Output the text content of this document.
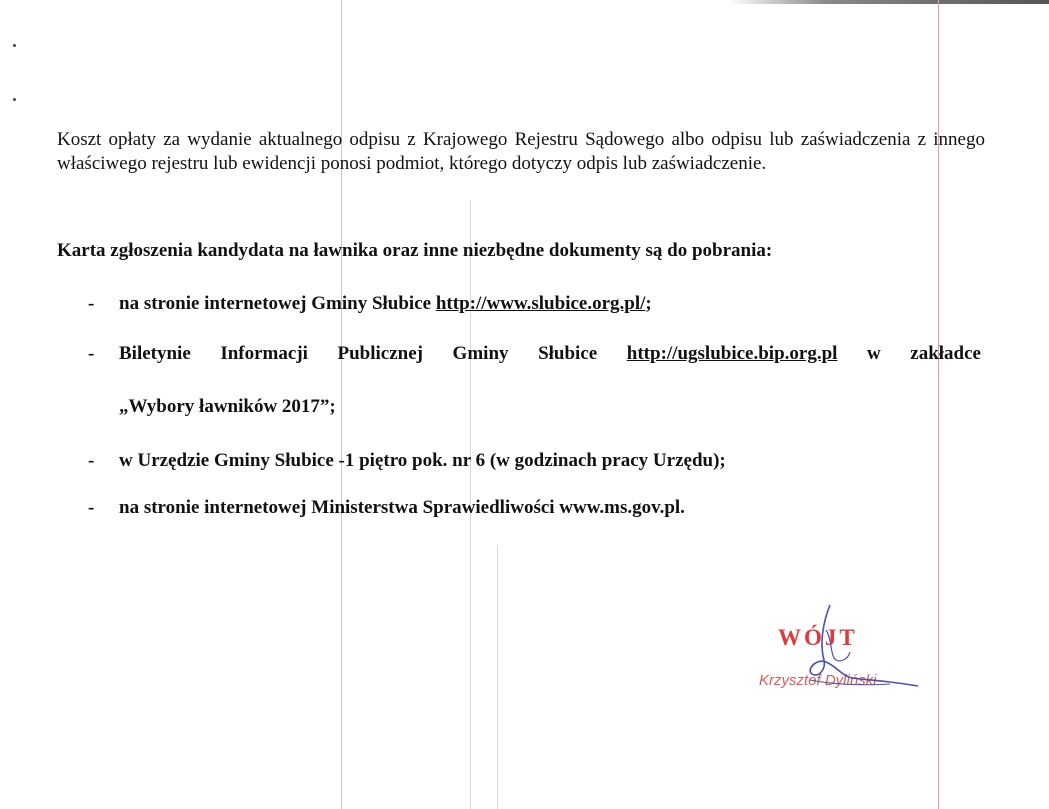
Koszt opłaty za wydanie aktualnego odpisu z Krajowego Rejestru Sądowego albo odpisu lub zaświadczenia z innego właściwego rejestru lub ewidencji ponosi podmiot, którego dotyczy odpis lub zaświadczenie.

Karta zgłoszenia kandydata na ławnika oraz inne niezbędne dokumenty są do pobrania:

- na stronie internetowej Gminy Słubice http://www.slubice.org.pl/;
- Biletynie Informacji Publicznej Gminy Słubice http://ugslubice.bip.org.pl w zakładce
„Wybory ławników 2017”;
- w Urzędzie Gminy Słubice -1 piętro pok. nr 6 (w godzinach pracy Urzędu);
- na stronie internetowej Ministerstwa Sprawiedliwości www.ms.gov.pl.
WÓJT
Krzysztof Dyliński
